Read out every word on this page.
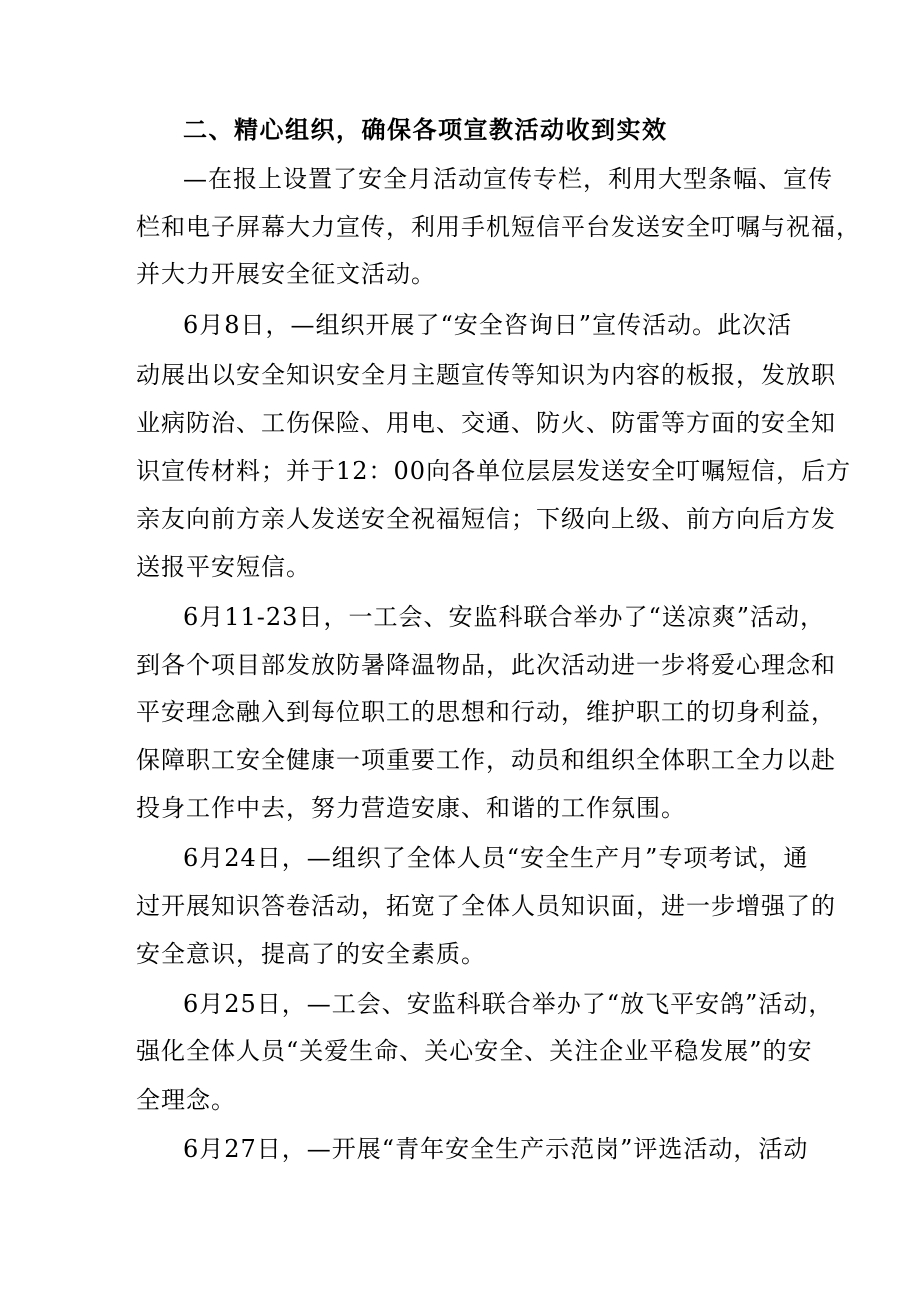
二、精心组织，确保各项宣教活动收到实效
—在报上设置了安全月活动宣传专栏，利用大型条幅、宣传
栏和电子屏幕大力宣传，利用手机短信平台发送安全叮嘱与祝福，
并大力开展安全征文活动。
6月8日，—组织开展了“安全咨询日”宣传活动。此次活
动展出以安全知识安全月主题宣传等知识为内容的板报，发放职
业病防治、工伤保险、用电、交通、防火、防雷等方面的安全知
识宣传材料；并于12：00向各单位层层发送安全叮嘱短信，后方
亲友向前方亲人发送安全祝福短信；下级向上级、前方向后方发
送报平安短信。
6月11-23日，一工会、安监科联合举办了“送凉爽”活动，
到各个项目部发放防暑降温物品，此次活动进一步将爱心理念和
平安理念融入到每位职工的思想和行动，维护职工的切身利益，
保障职工安全健康一项重要工作，动员和组织全体职工全力以赴
投身工作中去，努力营造安康、和谐的工作氛围。
6月24日，—组织了全体人员“安全生产月”专项考试，通
过开展知识答卷活动，拓宽了全体人员知识面，进一步增强了的
安全意识，提高了的安全素质。
6月25日，—工会、安监科联合举办了“放飞平安鸽”活动，
强化全体人员“关爱生命、关心安全、关注企业平稳发展”的安
全理念。
6月27日，—开展“青年安全生产示范岗”评选活动，活动
